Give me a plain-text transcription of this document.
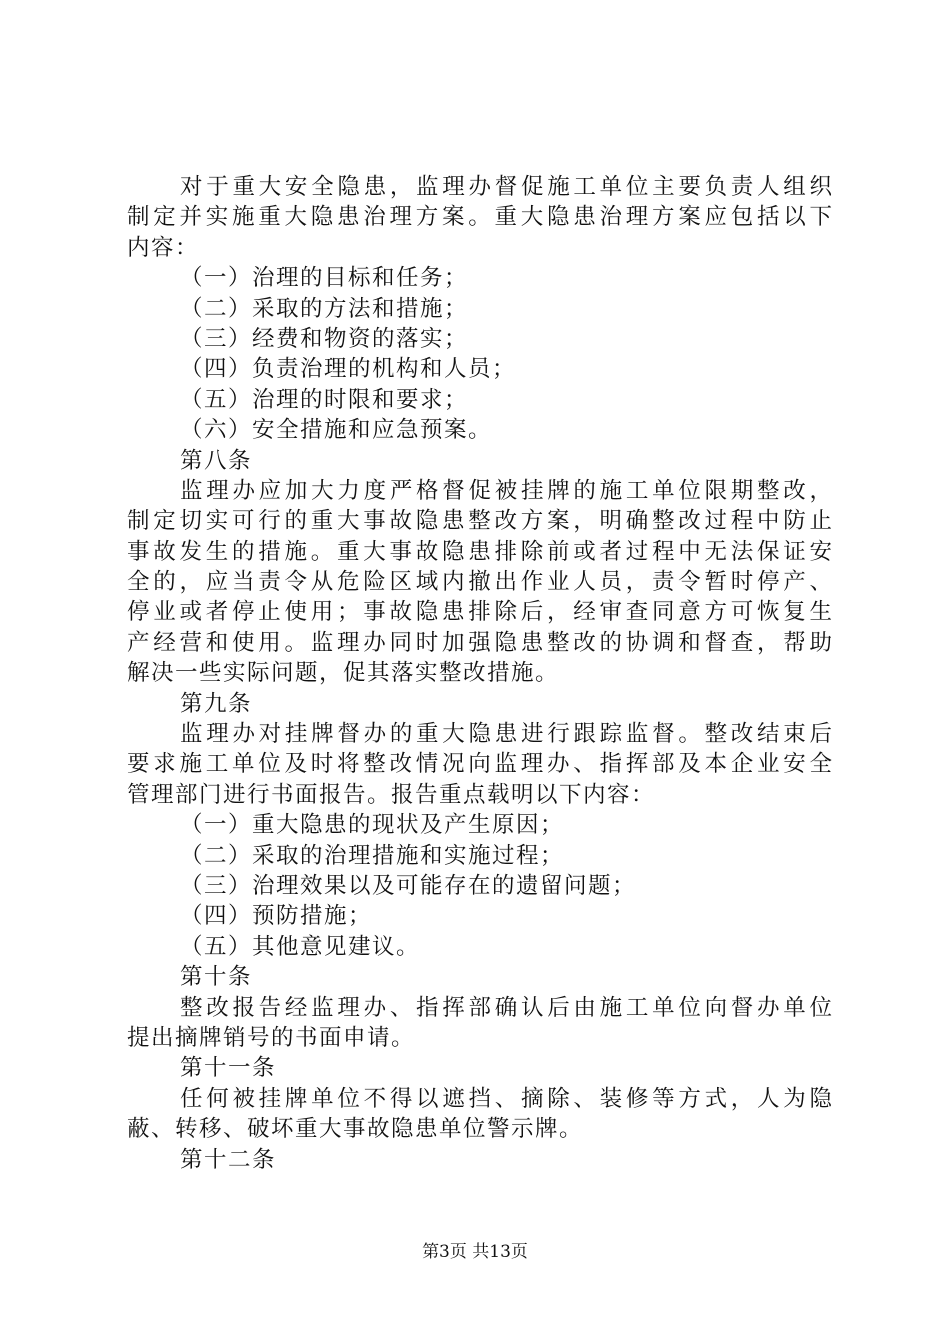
对于重大安全隐患，监理办督促施工单位主要负责人组织
制定并实施重大隐患治理方案。重大隐患治理方案应包括以下
内容：
（一）治理的目标和任务；
（二）采取的方法和措施；
（三）经费和物资的落实；
（四）负责治理的机构和人员；
（五）治理的时限和要求；
（六）安全措施和应急预案。
第八条
监理办应加大力度严格督促被挂牌的施工单位限期整改，
制定切实可行的重大事故隐患整改方案，明确整改过程中防止
事故发生的措施。重大事故隐患排除前或者过程中无法保证安
全的，应当责令从危险区域内撤出作业人员，责令暂时停产、
停业或者停止使用；事故隐患排除后，经审查同意方可恢复生
产经营和使用。监理办同时加强隐患整改的协调和督查，帮助
解决一些实际问题，促其落实整改措施。
第九条
监理办对挂牌督办的重大隐患进行跟踪监督。整改结束后
要求施工单位及时将整改情况向监理办、指挥部及本企业安全
管理部门进行书面报告。报告重点载明以下内容：
（一）重大隐患的现状及产生原因；
（二）采取的治理措施和实施过程；
（三）治理效果以及可能存在的遗留问题；
（四）预防措施；
（五）其他意见建议。
第十条
整改报告经监理办、指挥部确认后由施工单位向督办单位
提出摘牌销号的书面申请。
第十一条
任何被挂牌单位不得以遮挡、摘除、装修等方式，人为隐
蔽、转移、破坏重大事故隐患单位警示牌。
第十二条
第3页 共13页
